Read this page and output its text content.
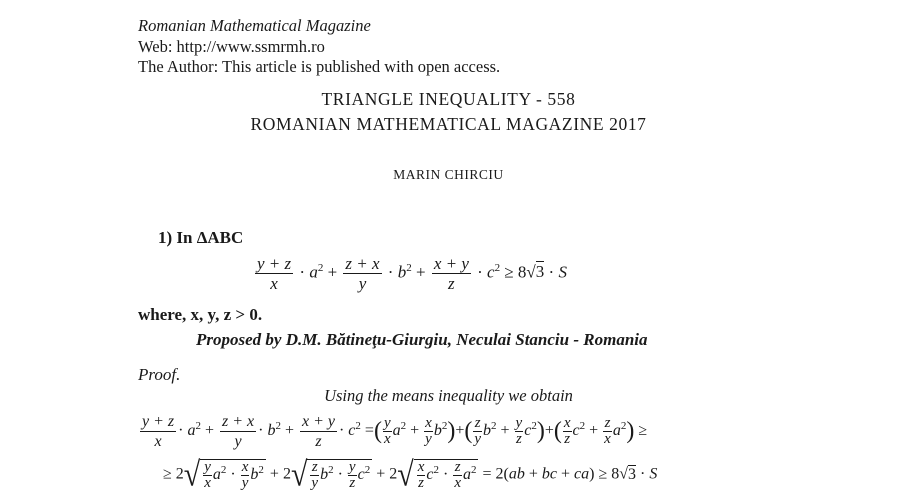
Romanian Mathematical Magazine
Web: http://www.ssmrmh.ro
The Author: This article is published with open access.
TRIANGLE INEQUALITY - 558
ROMANIAN MATHEMATICAL MAGAZINE 2017
MARIN CHIRCIU
1) In ΔABC
$\frac{y + z}{x} \cdot a^2 + \frac{z + x}{y} \cdot b^2 + \frac{x + y}{z} \cdot c^2 \ge 8√3 \cdot S$
where, x, y, z > 0.
Proposed by D.M. Bătineţu-Giurgiu, Neculai Stanciu - Romania
Proof.
Using the means inequality we obtain
$\frac{y + z}{x} \cdot a^2 + \frac{z + x}{y} \cdot b^2 + \frac{x + y}{z} \cdot c^2$ =( $\frac{y}{x} a^2 + \frac{x}{y} b^2)+( \frac{z}{y} b^2 + \frac{y}{z} c^2)+( \frac{x}{z} c^2 + \frac{z}{x} a^2)$ ≥
≥ $2√ \frac{y}{x} a^2 \cdot \frac{x}{y} b^2 + 2√ \frac{z}{y} b^2 \cdot \frac{y}{z} c^2 + 2√ \frac{x}{z} c^2 \cdot \frac{z}{x} a^2 = 2(ab$ + bc + ca) ≥ 8√3 · S
